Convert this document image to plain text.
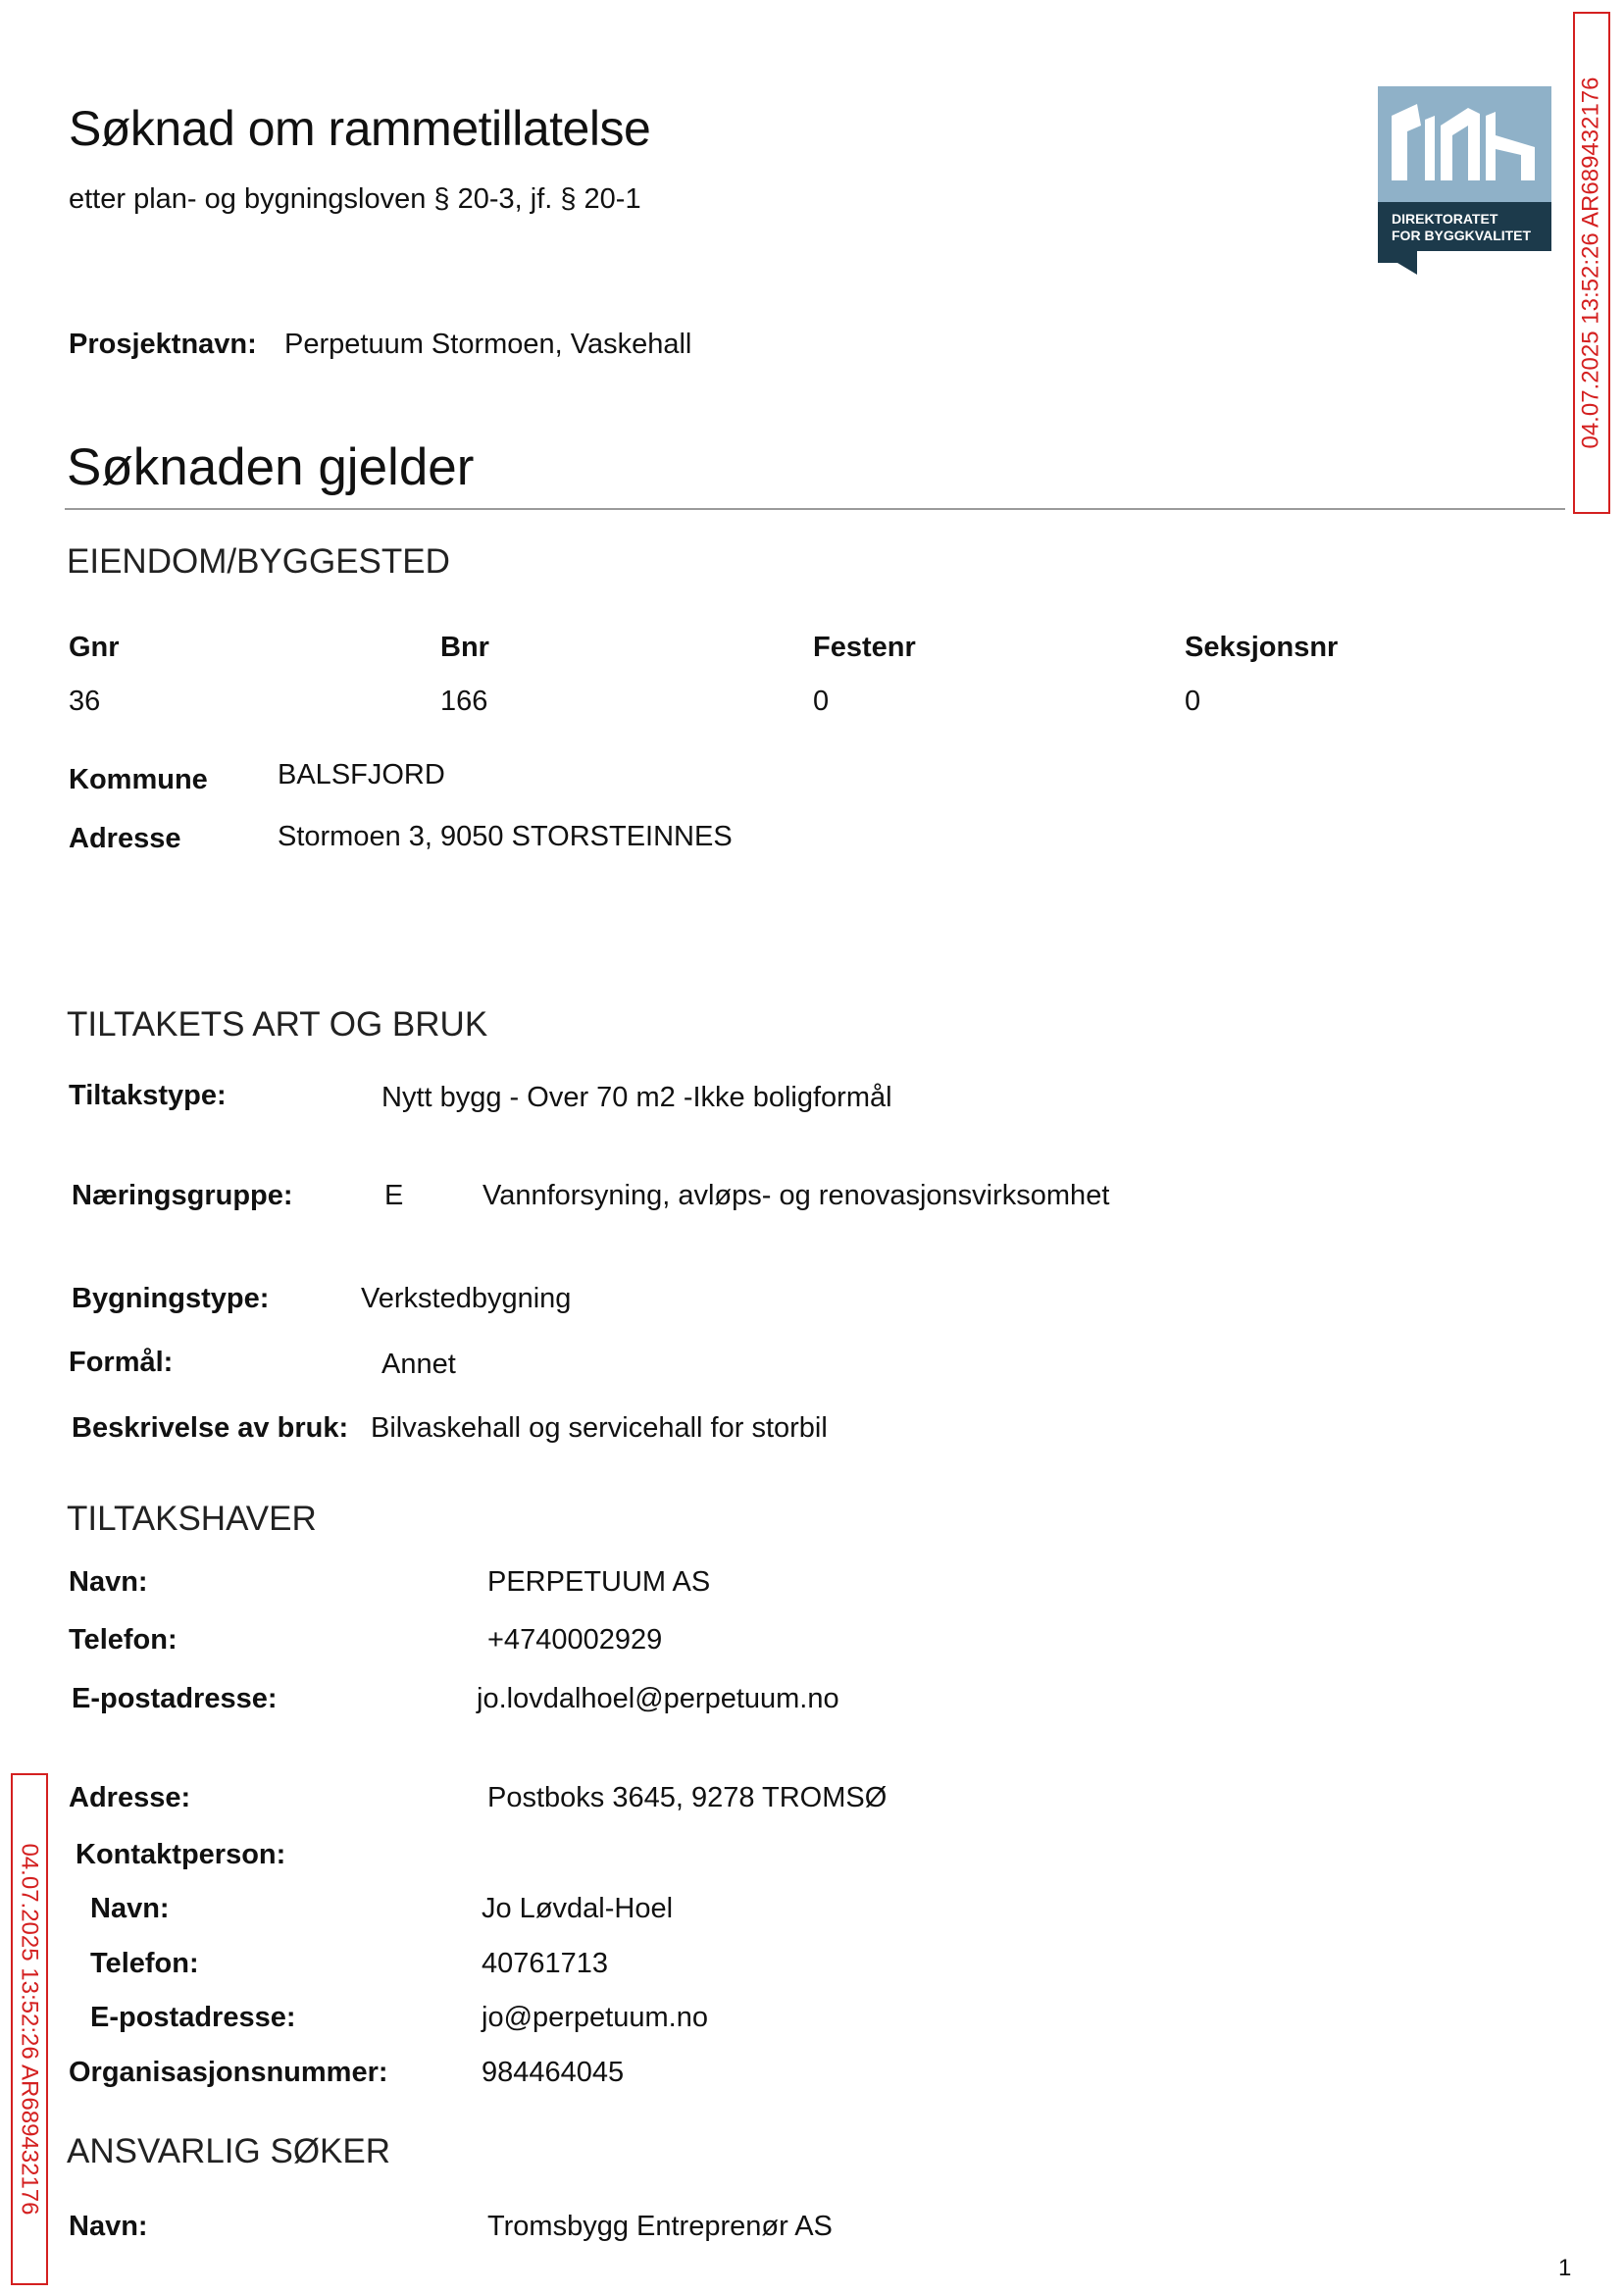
Søknad om rammetillatelse
etter plan- og bygningsloven § 20-3, jf. § 20-1
DIREKTORATET
FOR BYGGKVALITET 04.07.2025 13:52:26 AR689432176
04.07.2025 13:52:26 AR689432176
Prosjektnavn: Perpetuum Stormoen, Vaskehall
Søknaden gjelder
EIENDOM/BYGGESTED
Gnr	Bnr	Festenr	Seksjonsnr
36	166	0	0
Kommune BALSFJORD
Adresse	Stormoen 3, 9050 STORSTEINNES
TILTAKETS ART OG BRUK
Tiltakstype:	Nytt bygg - Over 70 m2 -Ikke boligformål
Næringsgruppe:	E	Vannforsyning, avløps- og renovasjonsvirksomhet
Bygningstype:	Verkstedbygning
Formål:	Annet
Beskrivelse av bruk: Bilvaskehall og servicehall for storbil
TILTAKSHAVER
Navn:	PERPETUUM AS
Telefon:	+4740002929
E-postadresse:	jo.lovdalhoel@perpetuum.no
Adresse:	Postboks 3645, 9278 TROMSØ
Kontaktperson:
Navn:	Jo Løvdal-Hoel
Telefon:	40761713
E-postadresse:	jo@perpetuum.no
Organisasjonsnummer:	984464045
ANSVARLIG SØKER
Navn:	Tromsbygg Entreprenør AS
1
